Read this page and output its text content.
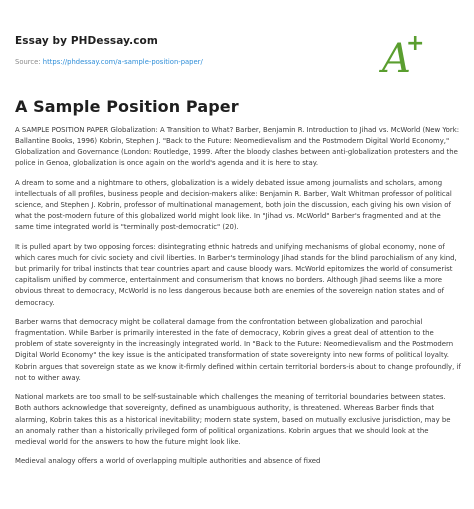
Essay by PHDessay.com
Source: https://phdessay.com/a-sample-position-paper/	A
+
A Sample Position Paper

A SAMPLE POSITION PAPER Globalization: A Transition to What? Barber, Benjamin R. Introduction to Jihad vs. McWorld (New York: Ballantine Books, 1996) Kobrin, Stephen J. "Back to the Future: Neomedievalism and the Postmodern Digital World Economy," Globalization and Governance (London: Routledge, 1999. After the bloody clashes between anti-globalization protesters and the police in Genoa, globalization is once again on the world's agenda and it is here to stay.

A dream to some and a nightmare to others, globalization is a widely debated issue among journalists and scholars, among intellectuals of all profiles, business people and decision-makers alike: Benjamin R. Barber, Walt Whitman professor of political science, and Stephen J. Kobrin, professor of multinational management, both join the discussion, each giving his own vision of what the post-modern future of this globalized world might look like. In "Jihad vs. McWorld" Barber's fragmented and at the same time integrated world is "terminally post-democratic" (20).

It is pulled apart by two opposing forces: disintegrating ethnic hatreds and unifying mechanisms of global economy, none of which cares much for civic society and civil liberties. In Barber's terminology Jihad stands for the blind parochialism of any kind, but primarily for tribal instincts that tear countries apart and cause bloody wars. McWorld epitomizes the world of consumerist capitalism unified by commerce, entertainment and consumerism that knows no borders. Although Jihad seems like a more obvious threat to democracy, McWorld is no less dangerous because both are enemies of the sovereign nation states and of democracy.

Barber warns that democracy might be collateral damage from the confrontation between globalization and parochial fragmentation. While Barber is primarily interested in the fate of democracy, Kobrin gives a great deal of attention to the problem of state sovereignty in the increasingly integrated world. In "Back to the Future: Neomedievalism and the Postmodern Digital World Economy" the key issue is the anticipated transformation of state sovereignty into new forms of political loyalty. Kobrin argues that sovereign state as we know it-firmly defined within certain territorial borders-is about to change profoundly, if not to wither away.

National markets are too small to be self-sustainable which challenges the meaning of territorial boundaries between states. Both authors acknowledge that sovereignty, defined as unambiguous authority, is threatened. Whereas Barber finds that alarming, Kobrin takes this as a historical inevitability; modern state system, based on mutually exclusive jurisdiction, may be an anomaly rather than a historically privileged form of political organizations. Kobrin argues that we should look at the medieval world for the answers to how the future might look like.

Medieval analogy offers a world of overlapping multiple authorities and absence of fixed
